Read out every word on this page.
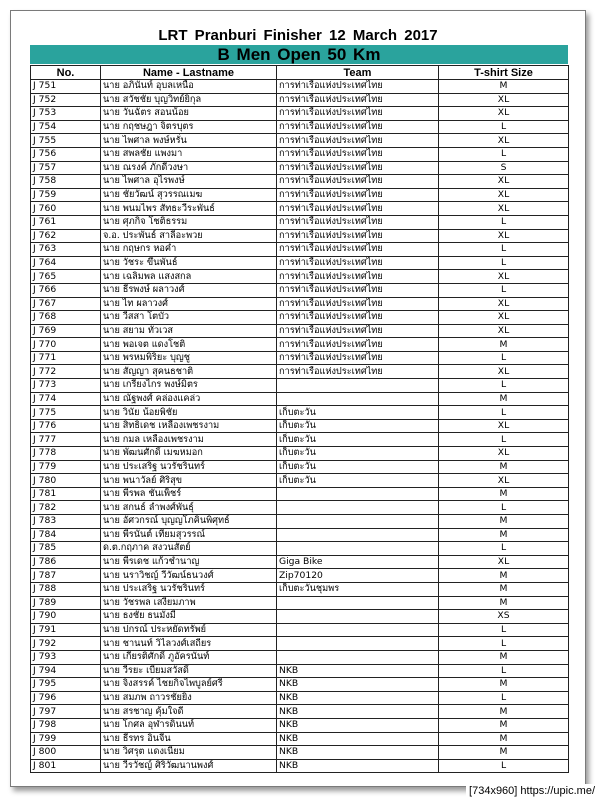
LRT Pranburi Finisher 12 March 2017
B Men Open 50 Km
No.	Name - Lastname	Team	T-shirt Size
J 751	นาย อภินันท์ อุบลเหนือ	การท่าเรือแห่งประเทศไทย	M
J 752	นาย สวัชชัย บุญวิทย์ยิกุล	การท่าเรือแห่งประเทศไทย	XL
J 753	นาย วันฉัตร สอนน้อย	การท่าเรือแห่งประเทศไทย	XL
J 754	นาย กฤชษฎา จิตรบุตร	การท่าเรือแห่งประเทศไทย	L
J 755	นาย ไพศาล พงษ์หรั่น	การท่าเรือแห่งประเทศไทย	XL
J 756	นาย สพลชัย แพงมา	การท่าเรือแห่งประเทศไทย	L
J 757	นาย ณรงค์ ภักดีวงษา	การท่าเรือแห่งประเทศไทย	S
J 758	นาย ไพศาล อุไรพงษ์	การท่าเรือแห่งประเทศไทย	XL
J 759	นาย ชัยวัฒน์ สุวรรณเมฆ	การท่าเรือแห่งประเทศไทย	XL
J 760	นาย พนมไพร สัทธะวีระพันธ์	การท่าเรือแห่งประเทศไทย	XL
J 761	นาย ศุภกิจ โชติธรรม	การท่าเรือแห่งประเทศไทย	L
J 762	จ.อ. ประพันธ์ สาลีอะพวย	การท่าเรือแห่งประเทศไทย	XL
J 763	นาย กฤษกร หอคำ	การท่าเรือแห่งประเทศไทย	L
J 764	นาย วัชระ ขึ้นพันธ์	การท่าเรือแห่งประเทศไทย	L
J 765	นาย เฉลิมพล แสงสกล	การท่าเรือแห่งประเทศไทย	XL
J 766	นาย ธีรพงษ์ ผลาวงศ์	การท่าเรือแห่งประเทศไทย	L
J 767	นาย ไท ผลาวงศ์	การท่าเรือแห่งประเทศไทย	XL
J 768	นาย วีสสา โตบัว	การท่าเรือแห่งประเทศไทย	XL
J 769	นาย สยาม ทั่วเวส	การท่าเรือแห่งประเทศไทย	XL
J 770	นาย พอเจต แดงโชติ	การท่าเรือแห่งประเทศไทย	M
J 771	นาย พรหมพิริยะ บุญชู	การท่าเรือแห่งประเทศไทย	L
J 772	นาย สัญญา สุคนธชาติ	การท่าเรือแห่งประเทศไทย	XL
J 773	นาย เกรียงไกร พงษ์มิตร		L
J 774	นาย ณัฐพงศ์ คล่องแคล่ว		M
J 775	นาย วินัย น้อยพิชัย	เก็บตะวัน	L
J 776	นาย สิทธิเดช เหลืองเพชรงาม	เก็บตะวัน	XL
J 777	นาย กมล เหลืองเพชรงาม	เก็บตะวัน	L
J 778	นาย พัฒนศักดิ์ เมฆหมอก	เก็บตะวัน	XL
J 779	นาย ประเสริฐ นวรัชรินทร์	เก็บตะวัน	M
J 780	นาย พนาวัลย์ ศิริสุข	เก็บตะวัน	XL
J 781	นาย พีรพล ชันเพ็ชร์		M
J 782	นาย สกนธ์ ลำพงศ์พันธุ์		L
J 783	นาย อัศวกรณ์ บุญญโภคินพิศุทธ์		M
J 784	นาย พีรนันต์ เทียมสุวรรณ์		M
J 785	ด.ต.กฤภาค สงวนสัตย์		L
J 786	นาย พีรเดช แก้วชำนาญ	Giga Bike	XL
J 787	นาย นราวิชญ์ วีวัฒน์ธนวงศ์	Zip70120	M
J 788	นาย ประเสริฐ นวรัชรินทร์	เก็บตะวันชุมพร	M
J 789	นาย วัชรพล เสงี่ยมภาพ		M
J 790	นาย ธงชัย ธนมั่งมี		XS
J 791	นาย ปกรณ์ ประหยัดทรัพย์		L
J 792	นาย ชานนท์ วิไลวงศ์เสถียร		L
J 793	นาย เกียรติศักดิ์ ภูอัครนันท์		M
J 794	นาย วีรยะ เบียมสวัสดิ์	NKB	L
J 795	นาย จิงสรรค์ ไชยกิจไพบูลย์ศรี	NKB	M
J 796	นาย สมภพ ถาวรชัยยิ่ง	NKB	L
J 797	นาย สรชาญ คุ้มใจดี	NKB	M
J 798	นาย โกศล อุฬารดินนท์	NKB	M
J 799	นาย ธีรทร อินจีน	NKB	M
J 800	นาย วิศรุต แดงเนียม	NKB	M
J 801	นาย วีรวัชญ์ ศิริวัฒนานพงศ์	NKB	L
[734x960] https://upic.me/
